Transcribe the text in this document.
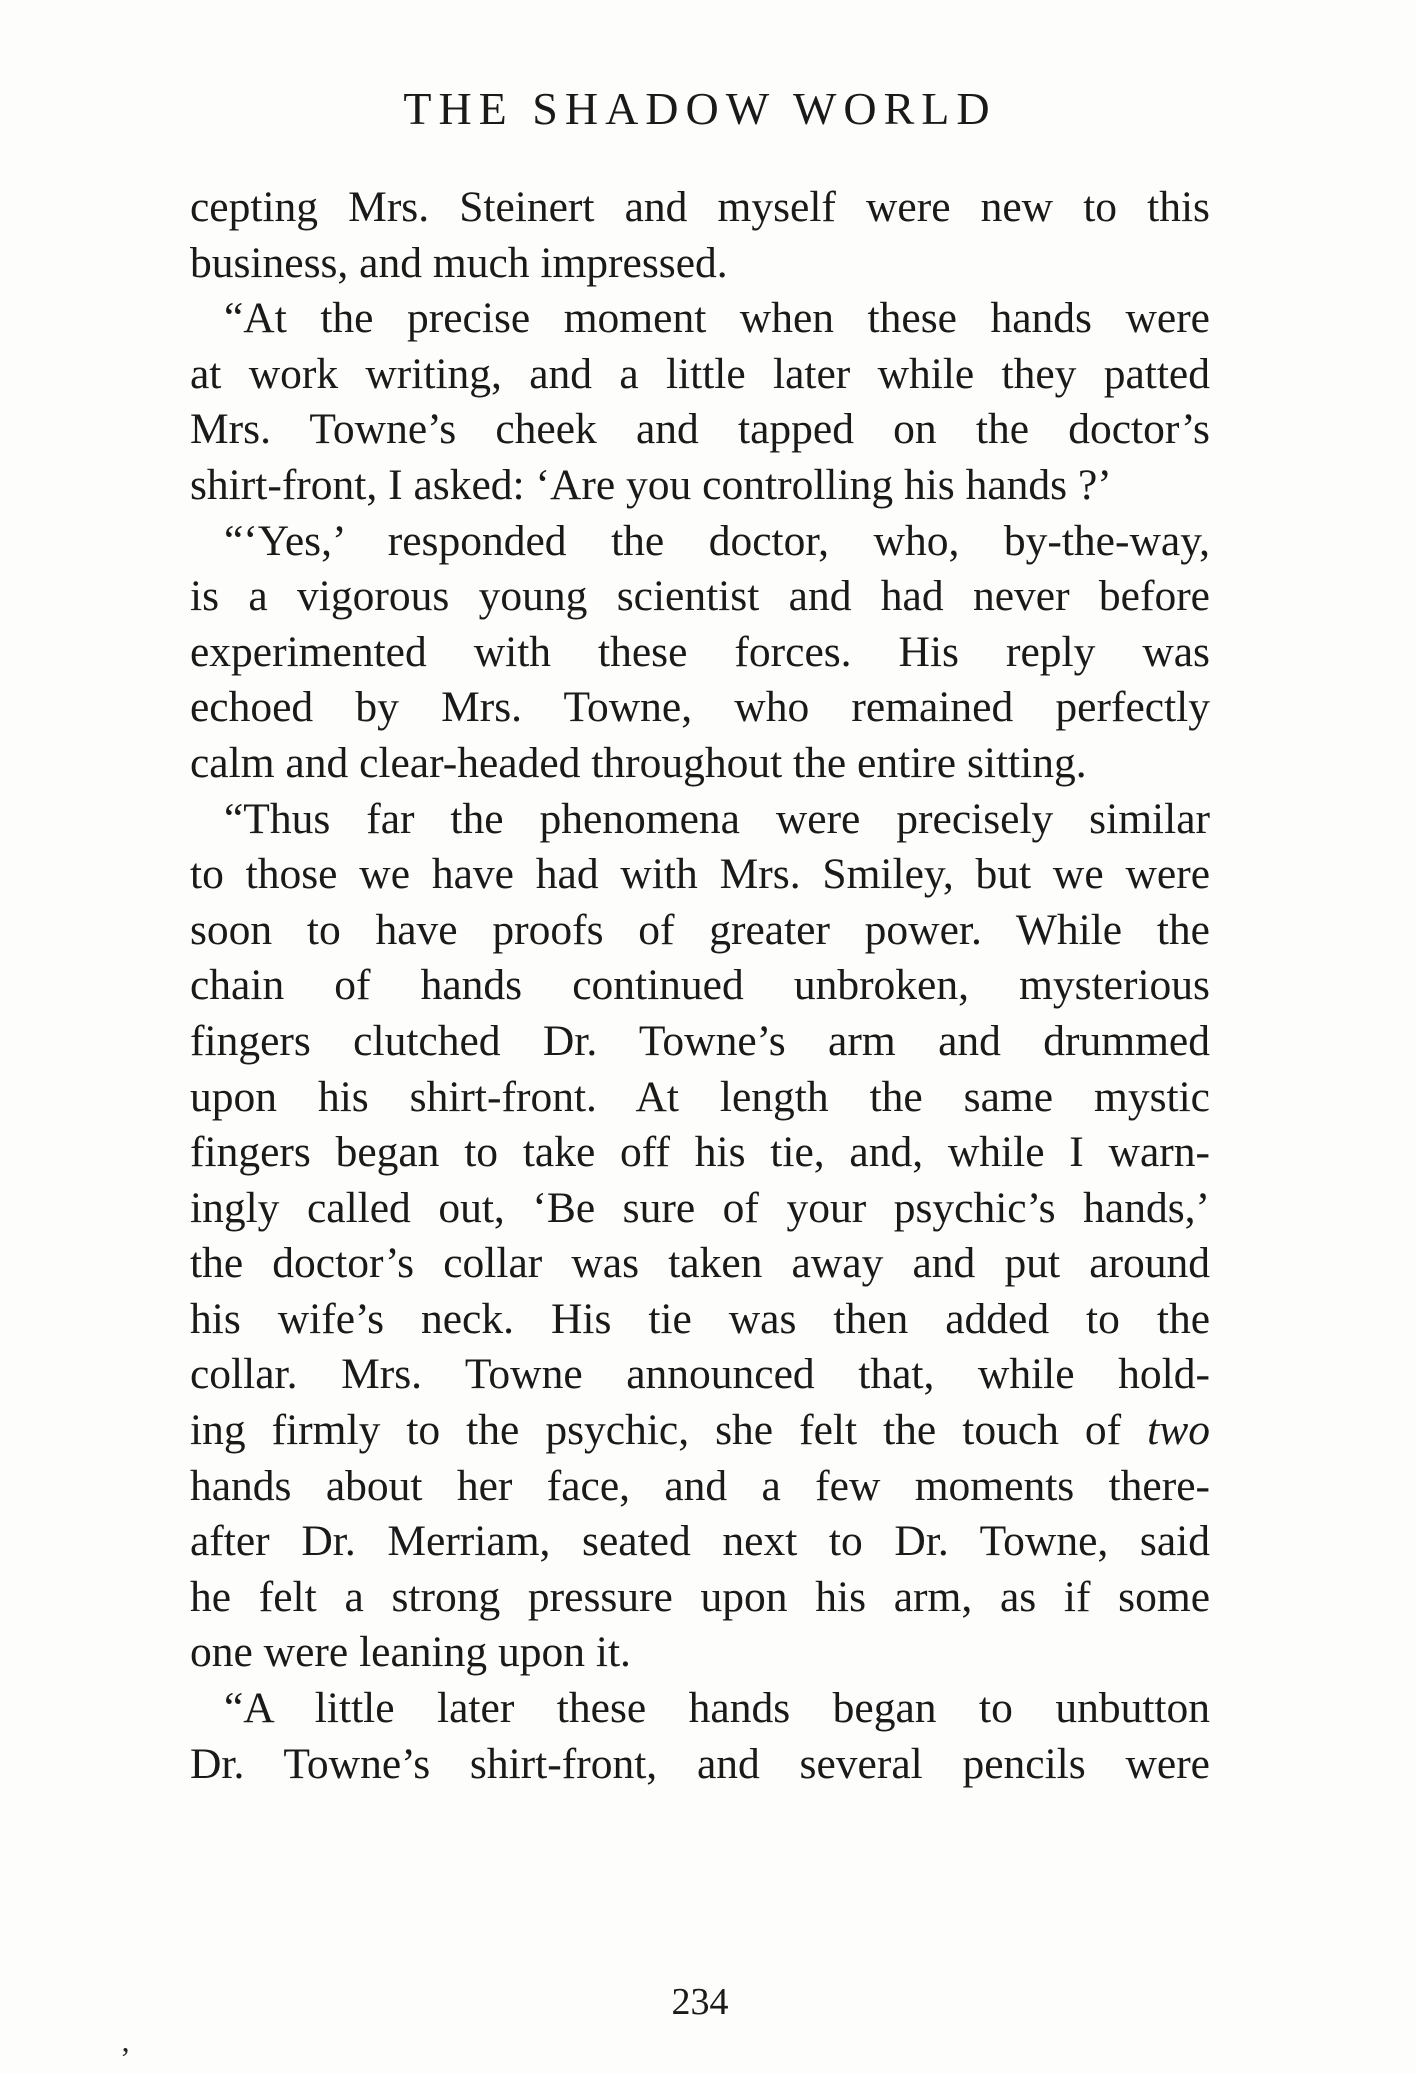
THE SHADOW WORLD
cepting Mrs. Steinert and myself were new to this
business, and much impressed.
“At the precise moment when these hands were
at work writing, and a little later while they patted
Mrs. Towne’s cheek and tapped on the doctor’s
shirt-front, I asked: ‘Are you controlling his hands ?’
“‘Yes,’ responded the doctor, who, by-the-way,
is a vigorous young scientist and had never before
experimented with these forces. His reply was
echoed by Mrs. Towne, who remained perfectly
calm and clear-headed throughout the entire sitting.
“Thus far the phenomena were precisely similar
to those we have had with Mrs. Smiley, but we were
soon to have proofs of greater power. While the
chain of hands continued unbroken, mysterious
fingers clutched Dr. Towne’s arm and drummed
upon his shirt-front. At length the same mystic
fingers began to take off his tie, and, while I warn-
ingly called out, ‘Be sure of your psychic’s hands,’
the doctor’s collar was taken away and put around
his wife’s neck. His tie was then added to the
collar. Mrs. Towne announced that, while hold-
ing firmly to the psychic, she felt the touch of two
hands about her face, and a few moments there-
after Dr. Merriam, seated next to Dr. Towne, said
he felt a strong pressure upon his arm, as if some
one were leaning upon it.
“A little later these hands began to unbutton
Dr. Towne’s shirt-front, and several pencils were
234
’
